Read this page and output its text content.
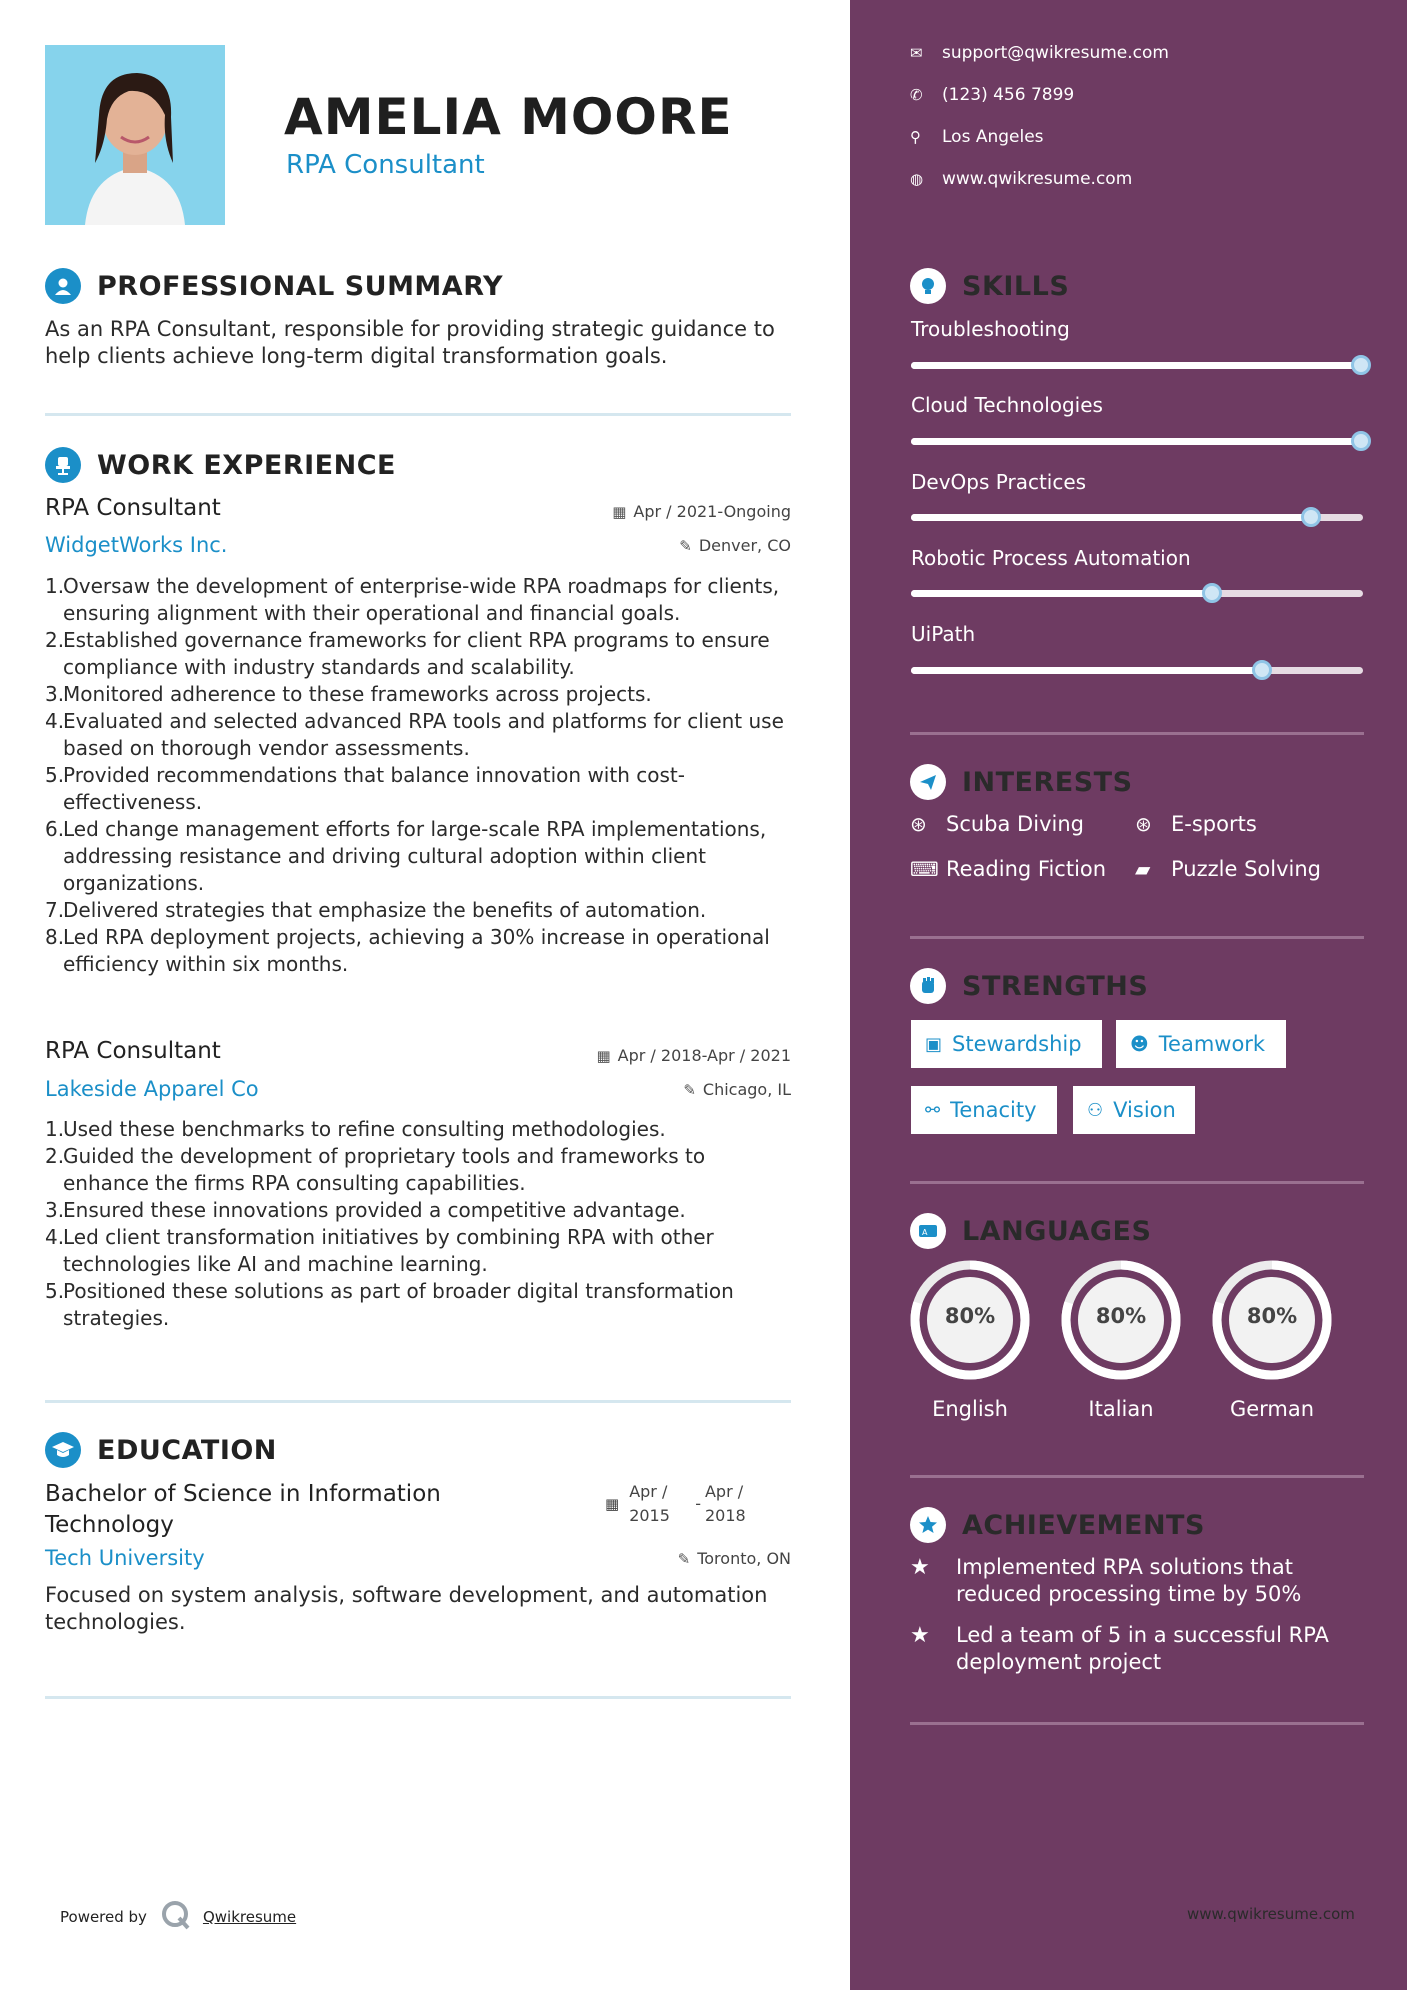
AMELIA MOORE
RPA Consultant
PROFESSIONAL SUMMARY
As an RPA Consultant, responsible for providing strategic guidance to help clients achieve long-term digital transformation goals.
WORK EXPERIENCE
RPA Consultant	▦ Apr / 2021-Ongoing
WidgetWorks Inc.	✎ Denver, CO
1.
Oversaw the development of enterprise-wide RPA roadmaps for clients, ensuring alignment with their operational and financial goals.
2.
Established governance frameworks for client RPA programs to ensure compliance with industry standards and scalability.
3.
Monitored adherence to these frameworks across projects.
4.
Evaluated and selected advanced RPA tools and platforms for client use based on thorough vendor assessments.
5.
Provided recommendations that balance innovation with cost-effectiveness.
6.
Led change management efforts for large-scale RPA implementations, addressing resistance and driving cultural adoption within client organizations.
7.
Delivered strategies that emphasize the benefits of automation.
8.
Led RPA deployment projects, achieving a 30% increase in operational efficiency within six months.
RPA Consultant	▦ Apr / 2018-Apr / 2021
Lakeside Apparel Co	✎ Chicago, IL
1.
Used these benchmarks to refine consulting methodologies.
2.
Guided the development of proprietary tools and frameworks to enhance the firms RPA consulting capabilities.
3.
Ensured these innovations provided a competitive advantage.
4.
Led client transformation initiatives by combining RPA with other technologies like AI and machine learning.
5.
Positioned these solutions as part of broader digital transformation strategies.
EDUCATION
Bachelor of Science in Information Technology
▦
Apr / 2015
-
Apr / 2018
Tech University	✎ Toronto, ON
Focused on system analysis, software development, and automation technologies.
Powered by	Qwikresume
✉	support@qwikresume.com
✆	(123) 456 7899
⚲	Los Angeles
◍	www.qwikresume.com
SKILLS
Troubleshooting
Cloud Technologies
DevOps Practices
Robotic Process Automation
UiPath
INTERESTS
⊛ Scuba Diving	⊛ E-sports
⌨ Reading Fiction ▰ Puzzle Solving
STRENGTHS
▣ Stewardship	☻ Teamwork
⚯ Tenacity	⚇ Vision
A LANGUAGES
80%
English
80%
Italian
80%
German
ACHIEVEMENTS
★	Implemented RPA solutions that reduced processing time by 50%
★	Led a team of 5 in a successful RPA deployment project
www.qwikresume.com
